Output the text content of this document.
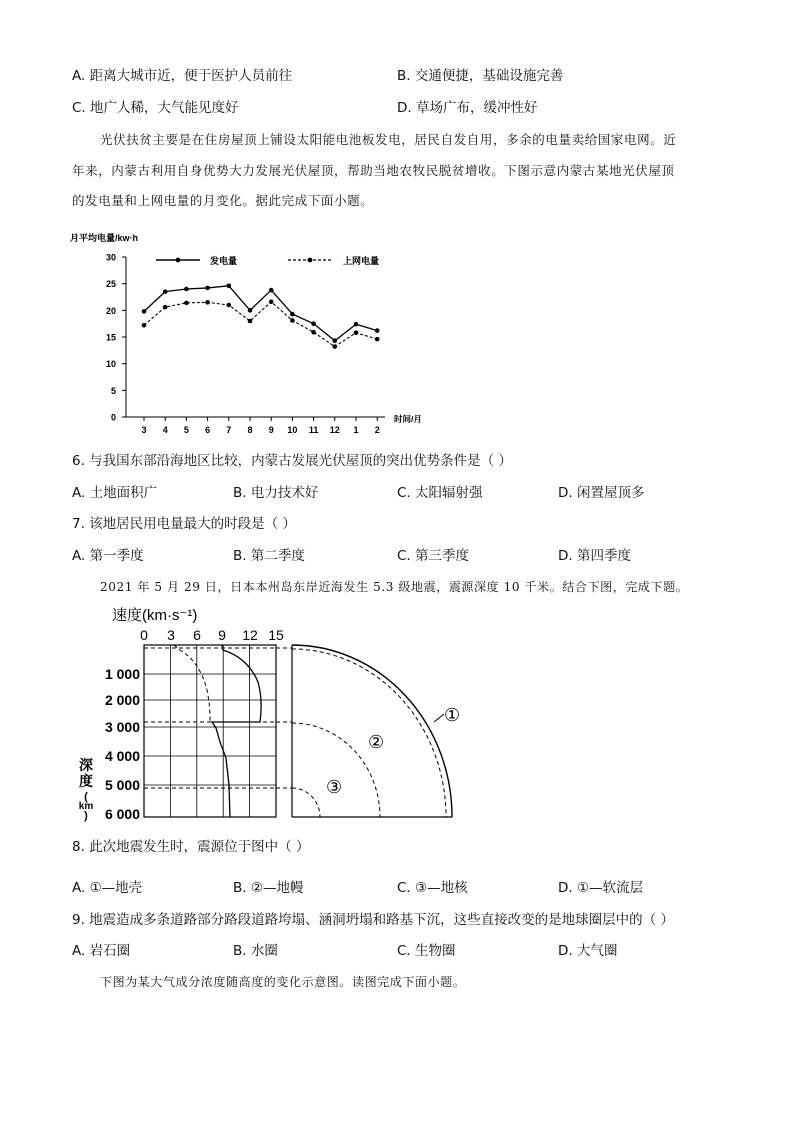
A. 距离大城市近，便于医护人员前往	B. 交通便捷，基础设施完善
C. 地广人稀，大气能见度好	D. 草场广布，缓冲性好
光伏扶贫主要是在住房屋顶上铺设太阳能电池板发电，居民自发自用，多余的电量卖给国家电网。近
年来，内蒙古利用自身优势大力发展光伏屋顶，帮助当地农牧民脱贫增收。下图示意内蒙古某地光伏屋顶
的发电量和上网电量的月变化。据此完成下面小题。
月平均电量/kw·h
0
5
10
15
20
25
30
3 4 5 6 7 8 9 10 11 12 1 2
时间/月
发电量	上网电量
6. 与我国东部沿海地区比较，内蒙古发展光伏屋顶的突出优势条件是（ ）
A. 土地面积广	B. 电力技术好	C. 太阳辐射强	D. 闲置屋顶多
7. 该地居民用电量最大的时段是（ ）
A. 第一季度	B. 第二季度	C. 第三季度	D. 第四季度
2021 年 5 月 29 日，日本本州岛东岸近海发生 5.3 级地震，震源深度 10 千米。结合下图，完成下题。
速度(km·s⁻¹)
0 3 6 9 12 15
1 000
2 000
3 000
4 000
5 000
6 000
深
度
(
km
)
①
②
③
8. 此次地震发生时，震源位于图中（ ）
A. ①—地壳	B. ②—地幔	C. ③—地核	D. ①—软流层
9. 地震造成多条道路部分路段道路垮塌、涵洞坍塌和路基下沉，这些直接改变的是地球圈层中的（ ）
A. 岩石圈	B. 水圈	C. 生物圈	D. 大气圈
下图为某大气成分浓度随高度的变化示意图。读图完成下面小题。
